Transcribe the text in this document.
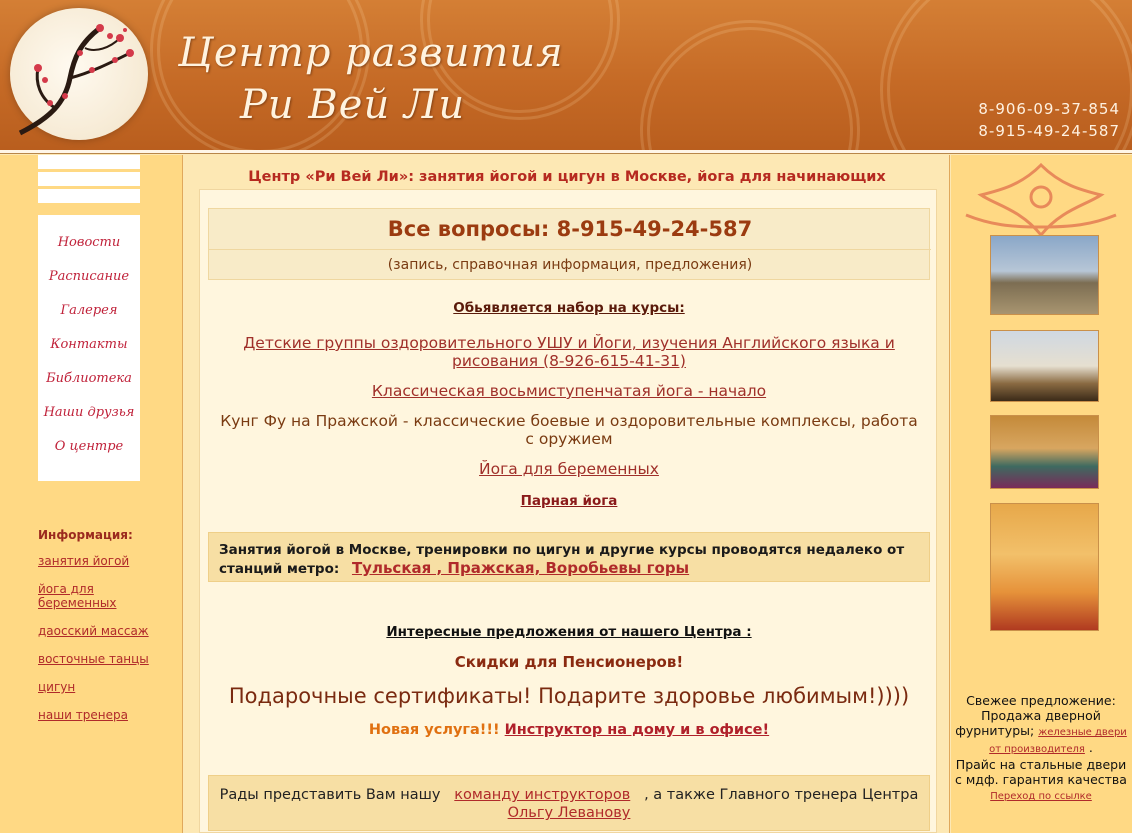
Центр развития
Ри Вей Ли	8-906-09-37-854
8-915-49-24-587
Новости
Расписание
Галерея
Контакты
Библиотека
Наши друзья
О центре
Информация:
занятия йогой
йога для беременных
даосский массаж
восточные танцы
цигун
наши тренера
Центр «Ри Вей Ли»: занятия йогой и цигун в Москве, йога для начинающих
Все вопросы: 8-915-49-24-587
(запись, справочная информация, предложения)
Обьявляется набор на курсы:
Детские группы оздоровительного УШУ и Йоги, изучения Английского языка и рисования (8-926-615-41-31)
Классическая восьмиступенчатая йога - начало
Кунг Фу на Пражской - классические боевые и оздоровительные комплексы, работа с оружием
Йога для беременных
Парная йога
Занятия йогой в Москве, тренировки по цигун и другие курсы проводятся недалеко от станций метро: Тульская , Пражская, Воробьевы горы
Интересные предложения от нашего Центра :
Скидки для Пенсионеров!
Подарочные сертификаты! Подарите здоровье любимым!))))
Новая услуга!!! Инструктор на дому и в офисе!
Рады представить Вам нашу команду инструкторов , а также Главного тренера Центра
Ольгу Леванову
Свежее предложение:
Продажа дверной фурнитуры; железные двери от производителя .
Прайс на стальные двери с мдф. гарантия качества
Переход по ссылке
